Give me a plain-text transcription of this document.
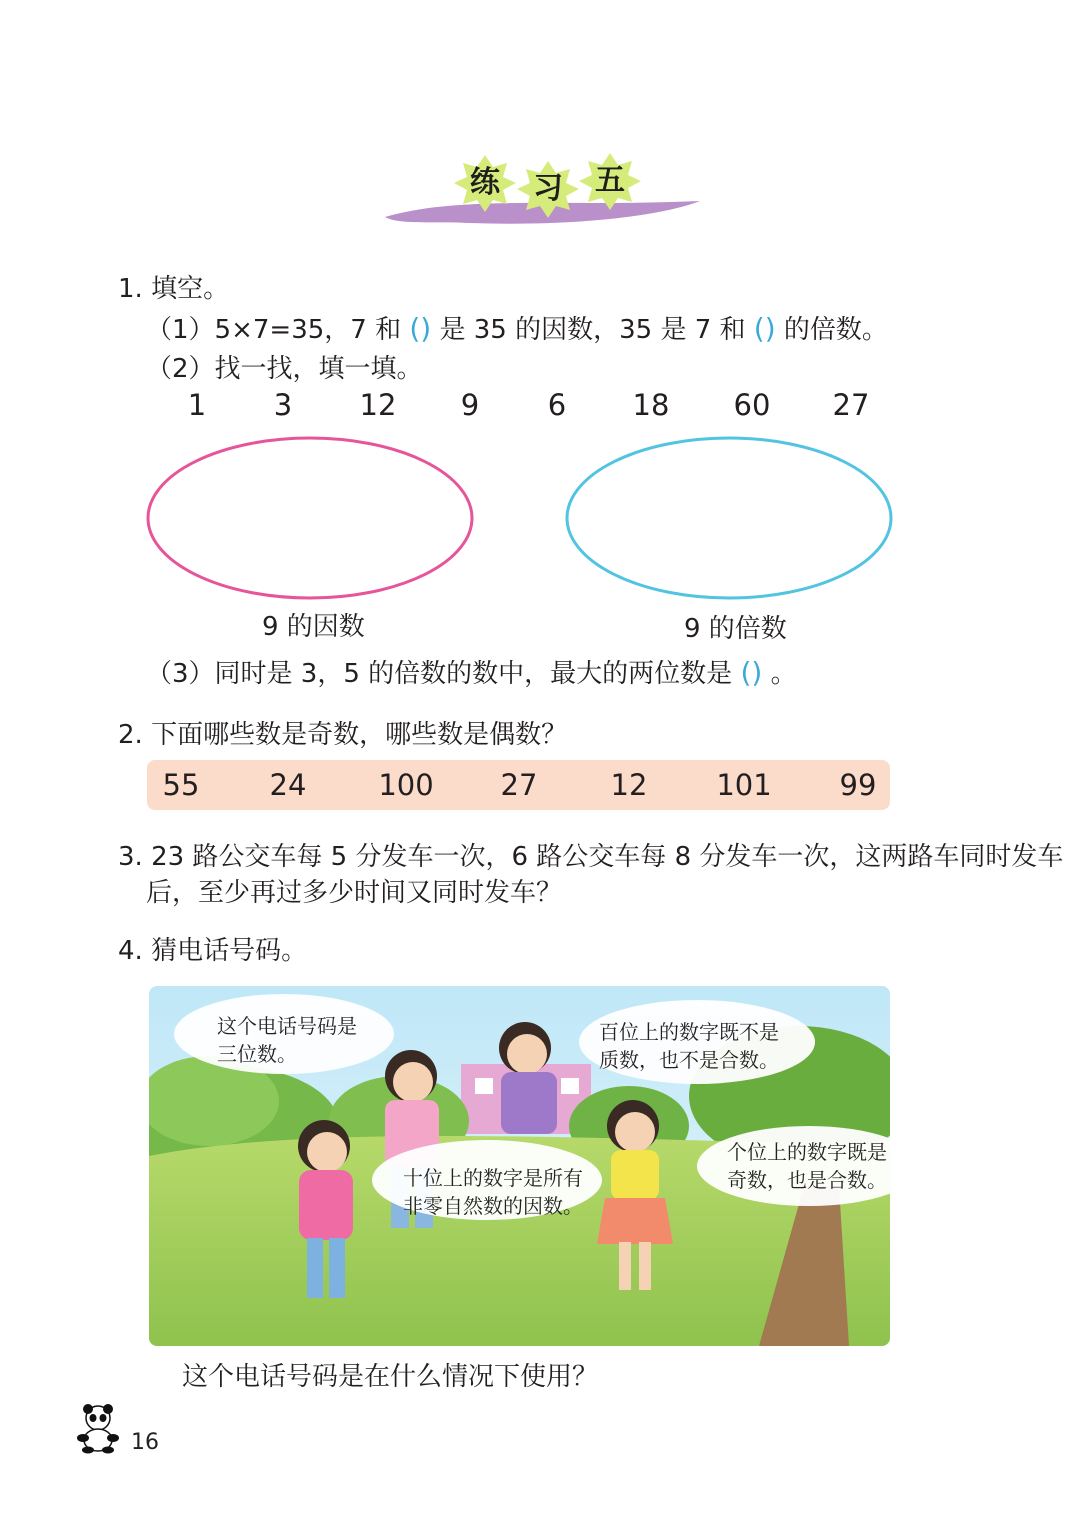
练	习	五
1. 填空。
（1）5×7=35，7 和 () 是 35 的因数，35 是 7 和 () 的倍数。
（2）找一找，填一填。
1	3	12	9	6	18	60	27
9 的因数	9 的倍数
（3）同时是 3，5 的倍数的数中，最大的两位数是 () 。
2. 下面哪些数是奇数，哪些数是偶数？
55	24	100	27	12	101	99
3. 23 路公交车每 5 分发车一次，6 路公交车每 8 分发车一次，这两路车同时发车
后，至少再过多少时间又同时发车？
4. 猜电话号码。
这个电话号码是
三位数。
百位上的数字既不是
质数，也不是合数。
十位上的数字是所有
非零自然数的因数。
个位上的数字既是
奇数，也是合数。
这个电话号码是在什么情况下使用？
16
